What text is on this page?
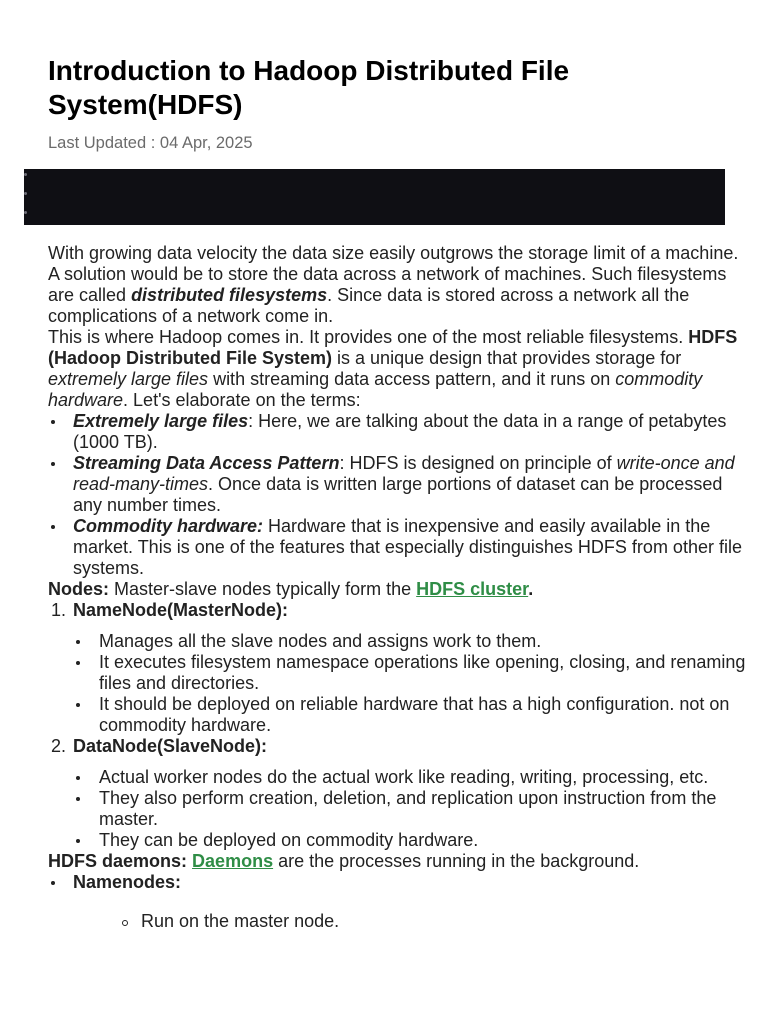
Introduction to Hadoop Distributed File System(HDFS)

Last Updated : 04 Apr, 2025

With growing data velocity the data size easily outgrows the storage limit of a machine. A solution would be to store the data across a network of machines. Such filesystems are called distributed filesystems. Since data is stored across a network all the complications of a network come in.

This is where Hadoop comes in. It provides one of the most reliable filesystems. HDFS (Hadoop Distributed File System) is a unique design that provides storage for extremely large files with streaming data access pattern, and it runs on commodity hardware. Let's elaborate on the terms:

Extremely large files: Here, we are talking about the data in a range of petabytes (1000 TB).
Streaming Data Access Pattern: HDFS is designed on principle of write-once and read-many-times. Once data is written large portions of dataset can be processed any number times.
Commodity hardware: Hardware that is inexpensive and easily available in the market. This is one of the features that especially distinguishes HDFS from other file systems.

Nodes: Master-slave nodes typically form the HDFS cluster.

1. NameNode(MasterNode):
Manages all the slave nodes and assigns work to them.
It executes filesystem namespace operations like opening, closing, and renaming files and directories.
It should be deployed on reliable hardware that has a high configuration. not on commodity hardware.
2. DataNode(SlaveNode):
Actual worker nodes do the actual work like reading, writing, processing, etc.
They also perform creation, deletion, and replication upon instruction from the master.
They can be deployed on commodity hardware.

HDFS daemons: Daemons are the processes running in the background.

Namenodes:
Run on the master node.
